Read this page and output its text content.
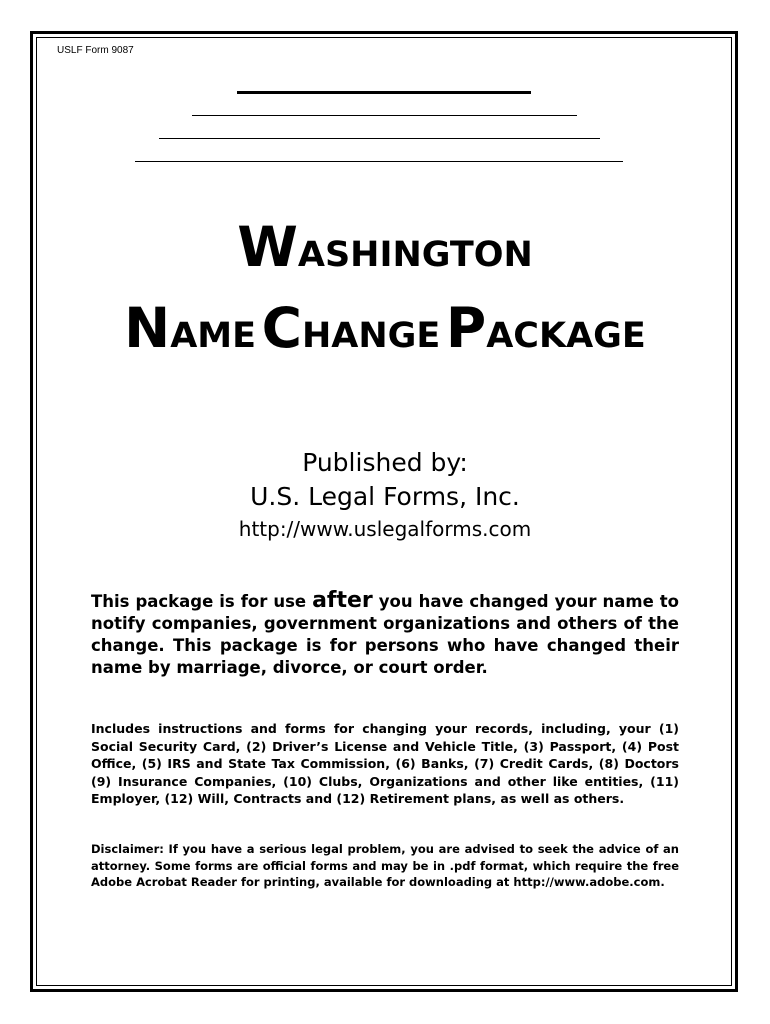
USLF Form 9087
WASHINGTON
NAME CHANGE PACKAGE
Published by:
U.S. Legal Forms, Inc.
http://www.uslegalforms.com
This package is for use after you have changed your name to notify companies, government organizations and others of the change. This package is for persons who have changed their name by marriage, divorce, or court order.
Includes instructions and forms for changing your records, including, your (1) Social Security Card, (2) Driver’s License and Vehicle Title, (3) Passport, (4) Post Office, (5) IRS and State Tax Commission, (6) Banks, (7) Credit Cards, (8) Doctors (9) Insurance Companies, (10) Clubs, Organizations and other like entities, (11) Employer, (12) Will, Contracts and (12) Retirement plans, as well as others.
Disclaimer: If you have a serious legal problem, you are advised to seek the advice of an attorney. Some forms are official forms and may be in .pdf format, which require the free Adobe Acrobat Reader for printing, available for downloading at http://www.adobe.com.
